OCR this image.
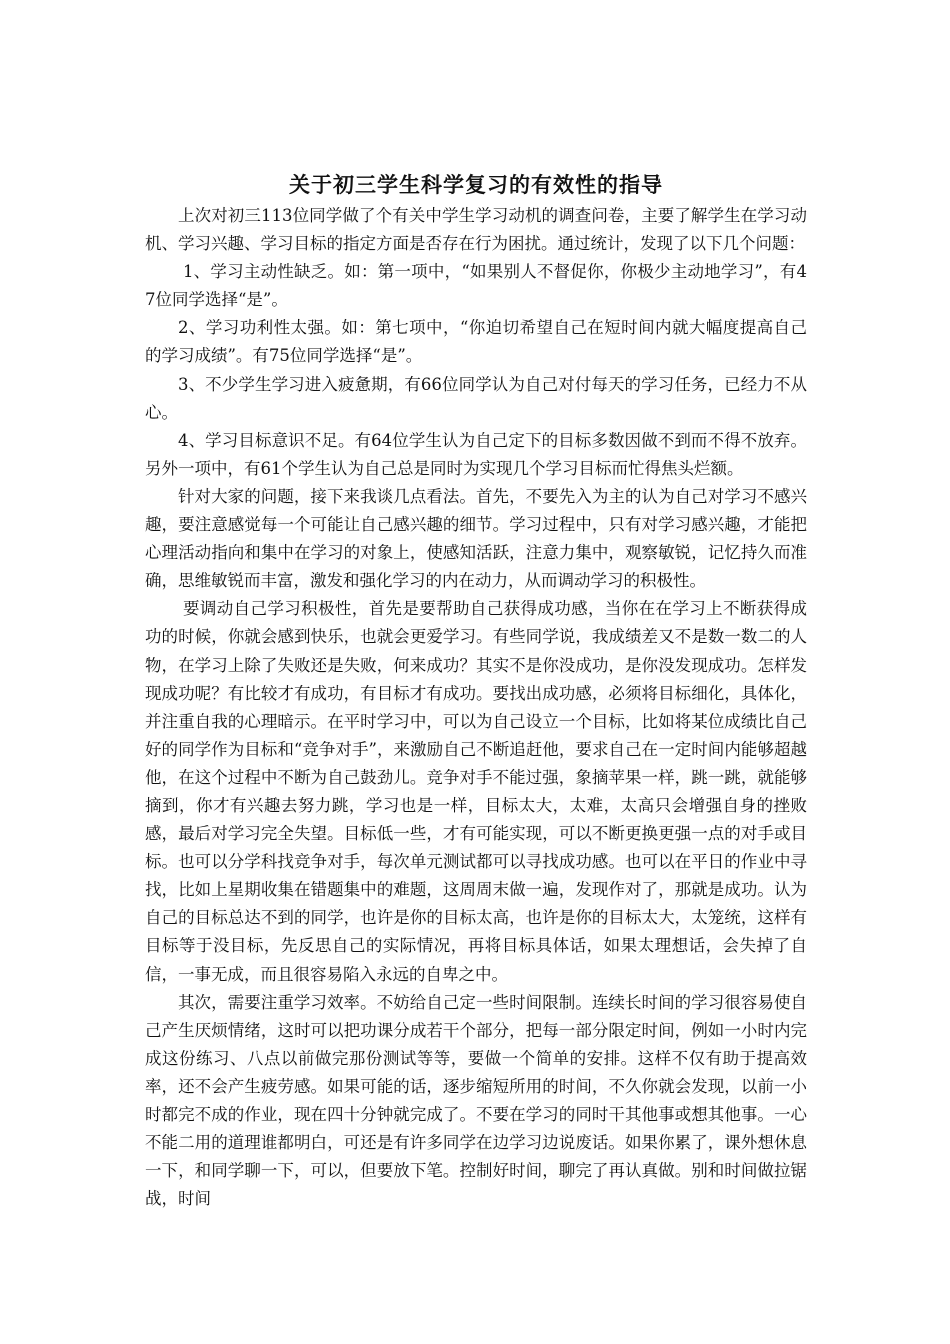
关于初三学生科学复习的有效性的指导

上次对初三113位同学做了个有关中学生学习动机的调查问卷，主要了解学生在学习动机、学习兴趣、学习目标的指定方面是否存在行为困扰。通过统计，发现了以下几个问题：

1、学习主动性缺乏。如：第一项中，“如果别人不督促你，你极少主动地学习”，有47位同学选择“是”。

2、学习功利性太强。如：第七项中，“你迫切希望自己在短时间内就大幅度提高自己的学习成绩”。有75位同学选择“是”。

3、不少学生学习进入疲惫期，有66位同学认为自己对付每天的学习任务，已经力不从心。

4、学习目标意识不足。有64位学生认为自己定下的目标多数因做不到而不得不放弃。另外一项中，有61个学生认为自己总是同时为实现几个学习目标而忙得焦头烂额。

针对大家的问题，接下来我谈几点看法。首先，不要先入为主的认为自己对学习不感兴趣，要注意感觉每一个可能让自己感兴趣的细节。学习过程中，只有对学习感兴趣，才能把心理活动指向和集中在学习的对象上，使感知活跃，注意力集中，观察敏锐，记忆持久而准确，思维敏锐而丰富，激发和强化学习的内在动力，从而调动学习的积极性。

要调动自己学习积极性，首先是要帮助自己获得成功感，当你在在学习上不断获得成功的时候，你就会感到快乐，也就会更爱学习。有些同学说，我成绩差又不是数一数二的人物，在学习上除了失败还是失败，何来成功？其实不是你没成功，是你没发现成功。怎样发现成功呢？有比较才有成功，有目标才有成功。要找出成功感，必须将目标细化，具体化，并注重自我的心理暗示。在平时学习中，可以为自己设立一个目标，比如将某位成绩比自己好的同学作为目标和“竞争对手”，来激励自己不断追赶他，要求自己在一定时间内能够超越他，在这个过程中不断为自己鼓劲儿。竞争对手不能过强，象摘苹果一样，跳一跳，就能够摘到，你才有兴趣去努力跳，学习也是一样，目标太大，太难，太高只会增强自身的挫败感，最后对学习完全失望。目标低一些，才有可能实现，可以不断更换更强一点的对手或目标。也可以分学科找竞争对手，每次单元测试都可以寻找成功感。也可以在平日的作业中寻找，比如上星期收集在错题集中的难题，这周周末做一遍，发现作对了，那就是成功。认为自己的目标总达不到的同学，也许是你的目标太高，也许是你的目标太大，太笼统，这样有目标等于没目标，先反思自己的实际情况，再将目标具体话，如果太理想话，会失掉了自信，一事无成，而且很容易陷入永远的自卑之中。

其次，需要注重学习效率。不妨给自己定一些时间限制。连续长时间的学习很容易使自己产生厌烦情绪，这时可以把功课分成若干个部分，把每一部分限定时间，例如一小时内完成这份练习、八点以前做完那份测试等等，要做一个简单的安排。这样不仅有助于提高效率，还不会产生疲劳感。如果可能的话，逐步缩短所用的时间，不久你就会发现，以前一小时都完不成的作业，现在四十分钟就完成了。不要在学习的同时干其他事或想其他事。一心不能二用的道理谁都明白，可还是有许多同学在边学习边说废话。如果你累了，课外想休息一下，和同学聊一下，可以，但要放下笔。控制好时间，聊完了再认真做。别和时间做拉锯战，时间
